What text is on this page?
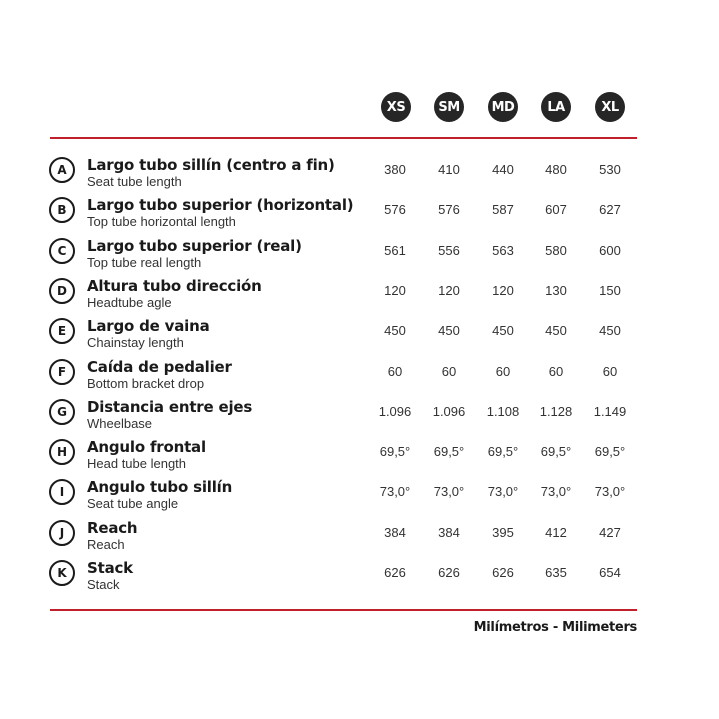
XS	SM	MD	LA	XL
A	Largo tubo sillín (centro a fin)
Seat tube length
380	410	440	480	530
B	Largo tubo superior (horizontal)
Top tube horizontal length
576	576	587	607	627
C	Largo tubo superior (real)
Top tube real length
561	556	563	580	600
D	Altura tubo dirección
Headtube agle
120	120	120	130	150
E	Largo de vaina
Chainstay length
450	450	450	450	450
F	Caída de pedalier
Bottom bracket drop
60	60	60	60	60
G	Distancia entre ejes
Wheelbase
1.096	1.096	1.108	1.128	1.149
H	Angulo frontal
Head tube length
69,5°	69,5°	69,5°	69,5°	69,5°
I	Angulo tubo sillín
Seat tube angle
73,0°	73,0°	73,0°	73,0°	73,0°
J	Reach
Reach
384	384	395	412	427
K	Stack
Stack
626	626	626	635	654
Milímetros - Milimeters
